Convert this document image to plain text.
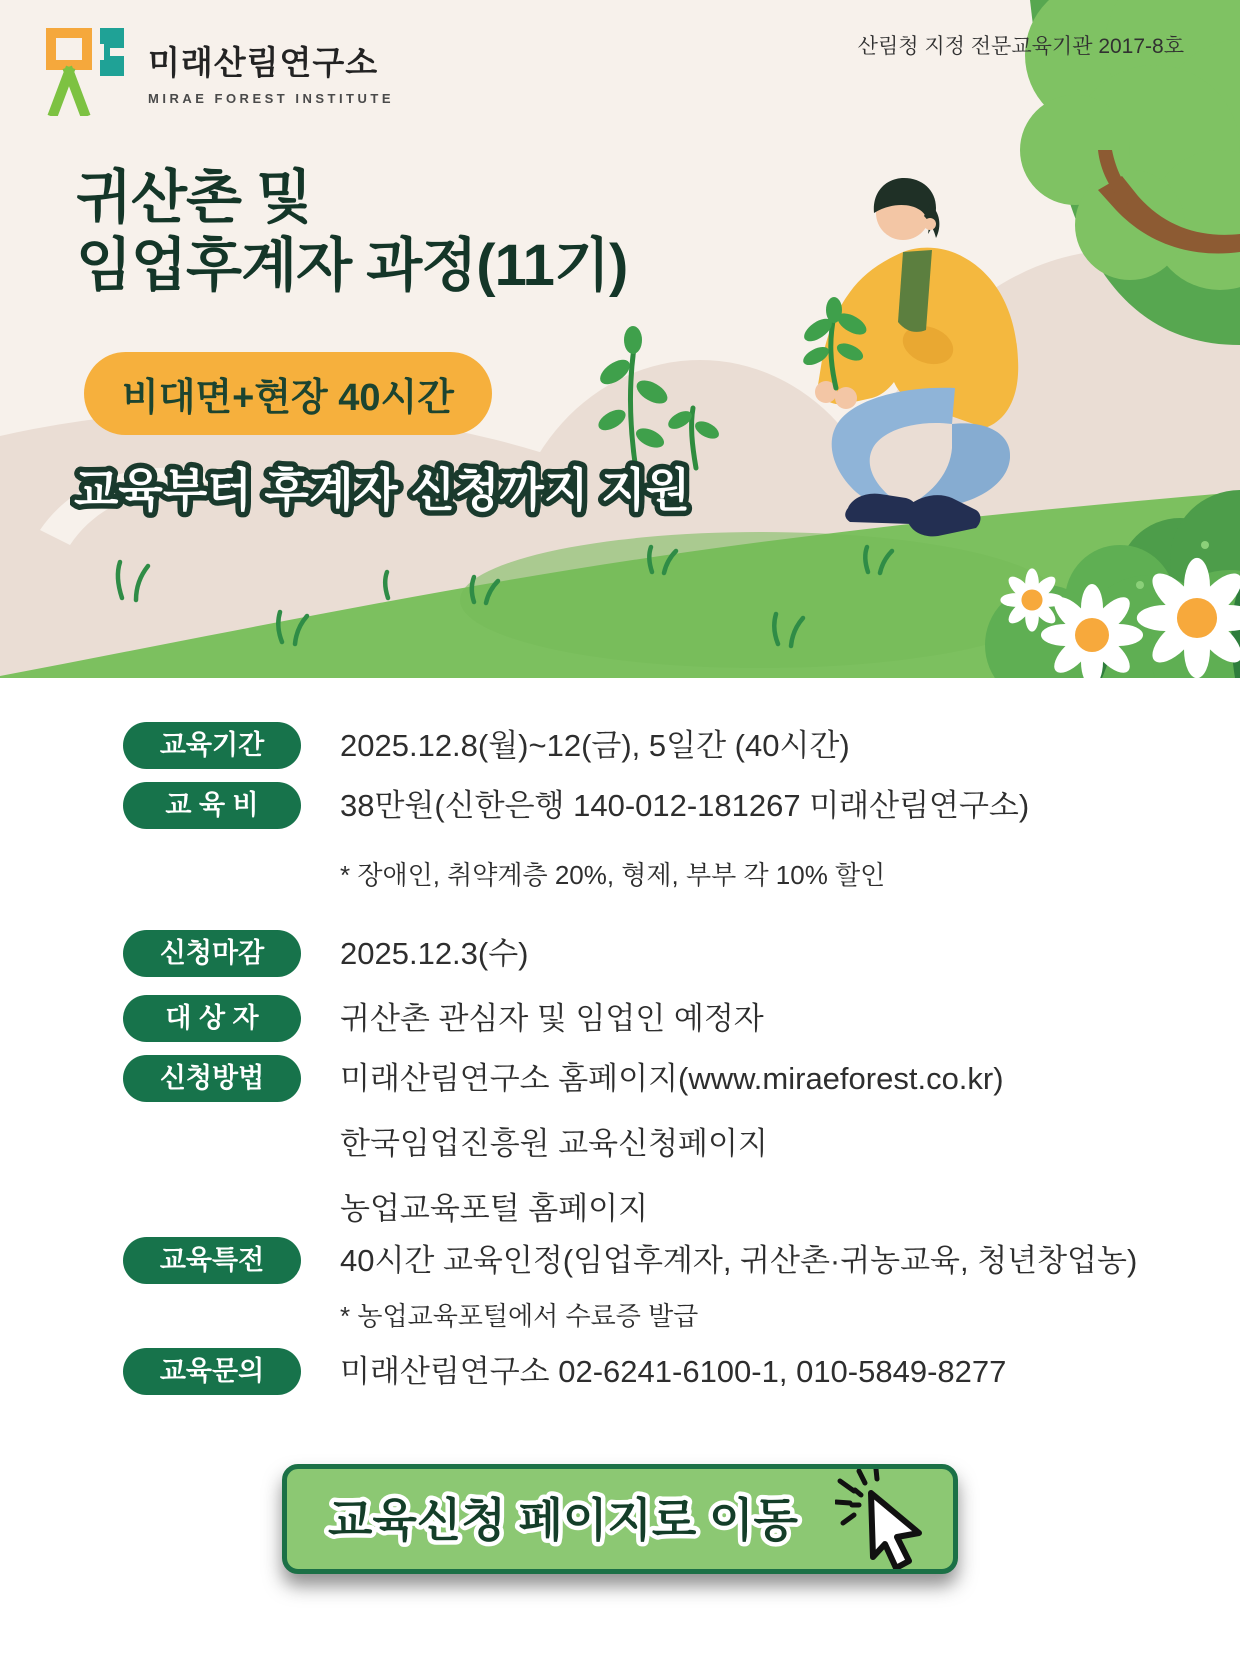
미래산림연구소
MIRAE FOREST INSTITUTE
산림청 지정 전문교육기관 2017-8호
귀산촌 및
임업후계자 과정(11기)
비대면+현장 40시간
교육부터 후계자 신청까지 지원
교육기간	2025.12.8(월)~12(금), 5일간 (40시간)
교 육 비	38만원(신한은행 140-012-181267 미래산림연구소)
* 장애인, 취약계층 20%, 형제, 부부 각 10% 할인
신청마감	2025.12.3(수)
대 상 자	귀산촌 관심자 및 임업인 예정자
신청방법	미래산림연구소 홈페이지(www.miraeforest.co.kr)
한국임업진흥원 교육신청페이지
농업교육포털 홈페이지
교육특전	40시간 교육인정(임업후계자, 귀산촌·귀농교육, 청년창업농)
* 농업교육포털에서 수료증 발급
교육문의	미래산림연구소 02-6241-6100-1, 010-5849-8277
교육신청 페이지로 이동
